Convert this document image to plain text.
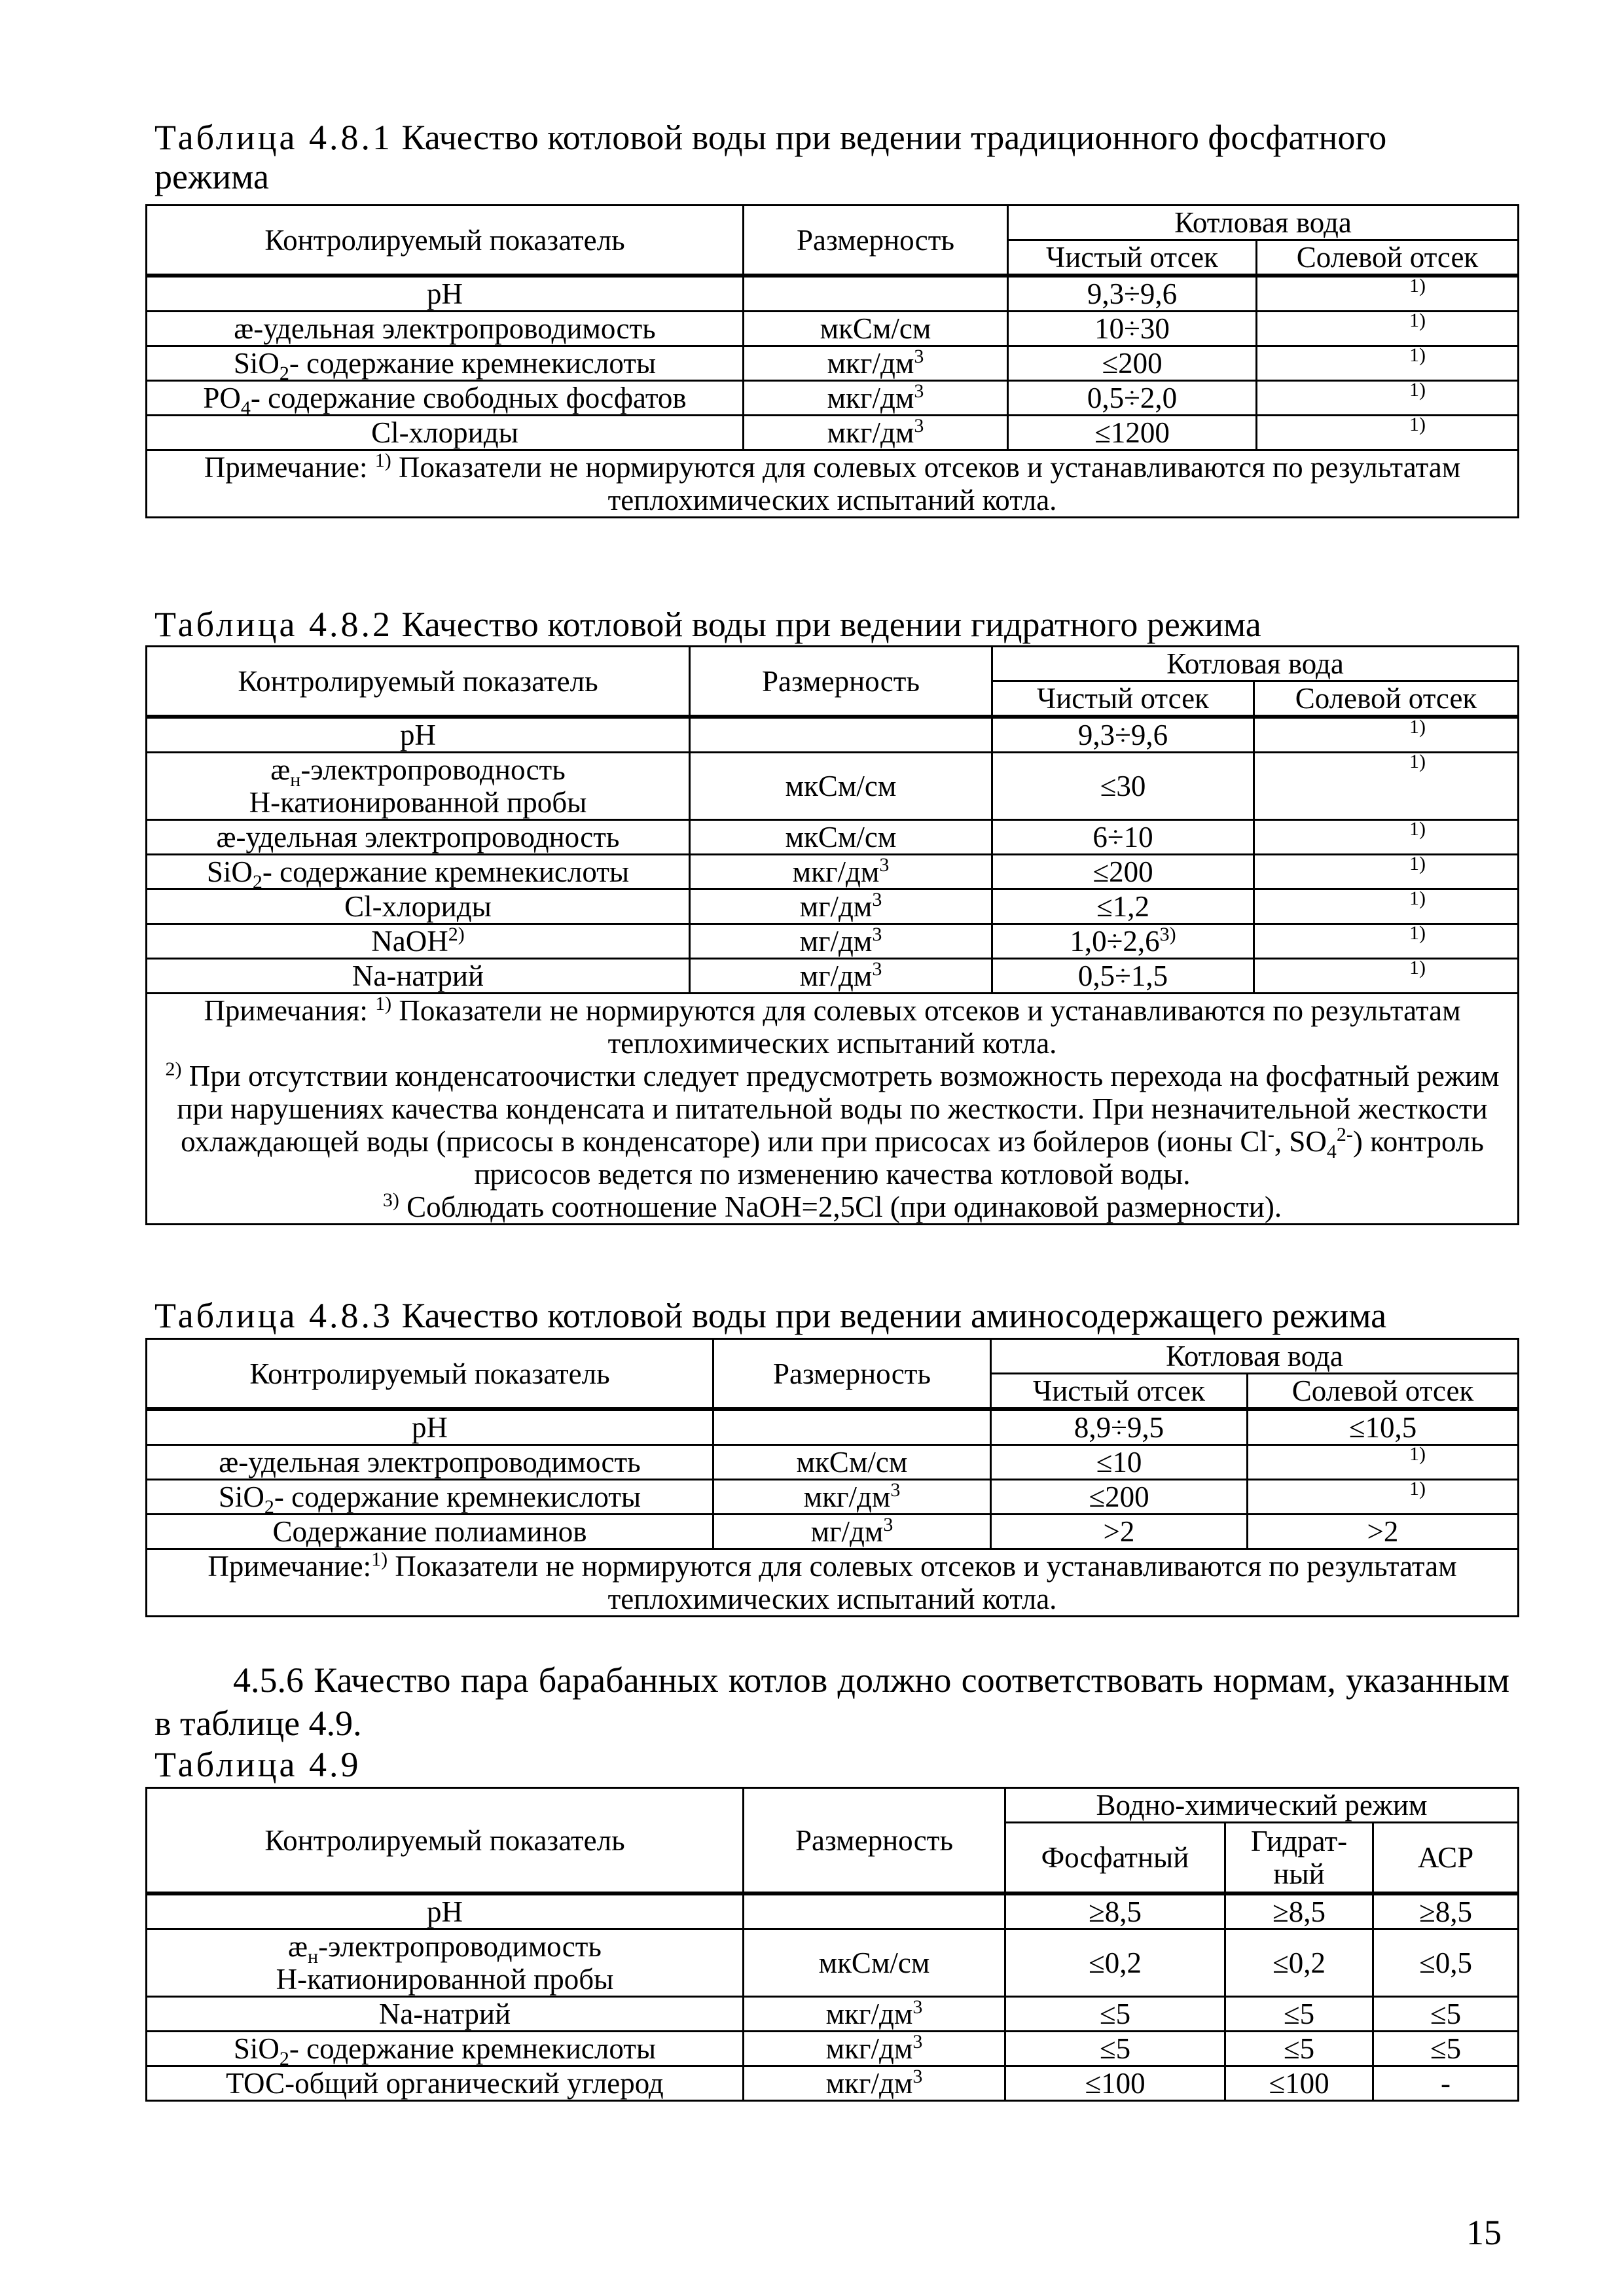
Таблица 4.8.1 Качество котловой воды при ведении традиционного фосфатного режима

Контролируемый показатель	Размерность	Котловая вода	
		Чистый отсек	Солевой отсек
pH		9,3÷9,6	1)

æ-удельная электропроводимость	мкСм/см	10÷30	1)

SiO$_2$- содержание кремнекислоты	мкг/$дм^3$	≤200	1)

$PO_4-$ содержание свободных фосфатов	мкг/$дм^3$	0,5÷2,0	1)

Cl-хлориды	мкг/$дм^3$	≤1200	1)

Примечание: $^{1)}$ Показатели не нормируются для солевых отсеков и устанавливаются по результатам теплохимических испытаний котла.			

Таблица 4.8.2 Качество котловой воды при ведении гидратного режима

Контролируемый показатель	Размерность	Котловая вода	
		Чистый отсек	Солевой отсек
pH		9,3÷9,6	1)

$æ_н$-электропроводность
Н-катионированной пробы	мкСм/см	≤30	1)

æ-удельная электропроводность	мкСм/см	6÷10	1)

SiO$_2$- содержание кремнекислоты	мкг/$дм^3$	≤200	1)

Cl-хлориды	$мг/дм^3$	≤1,2	1)

NaOH$^{2)}$	$мг/дм^3$	$1,0\div 2,6^{3)}$	1)

Na-натрий	$мг/дм^3$	0,5÷1,5	1)

Примечания: $^{1)}$ Показатели не нормируются для солевых отсеков и устанавливаются по результатам теплохимических испытаний котла.
$^{2)}$ При отсутствии конденсатоочистки следует предусмотреть возможность перехода на фосфатный режим при нарушениях качества конденсата и питательной воды по жесткости. При незначительной жесткости охлаждающей воды (присосы в конденсаторе) или при присосах из бойлеров (ионы Cl-, $SO_4^{2-}$) контроль присосов ведется по изменению качества котловой воды.
$^{3)}$ Соблюдать соотношение NaOH=2,5Cl (при одинаковой размерности).			

Таблица 4.8.3 Качество котловой воды при ведении аминосодержащего режима

Контролируемый показатель	Размерность	Котловая вода	
		Чистый отсек	Солевой отсек
pH		8,9÷9,5	≤10,5
æ-удельная электропроводимость	мкСм/см	≤10	1)

SiO$_2$- содержание кремнекислоты	мкг/$дм^3$	≤200	1)

Содержание полиаминов	$мг/дм^3$	>2	>2
Примечание:$^{1)}$ Показатели не нормируются для солевых отсеков и устанавливаются по результатам теплохимических испытаний котла.			

4.5.6 Качество пара барабанных котлов должно соответствовать нормам, указанным в таблице 4.9.

Таблица 4.9

Контролируемый показатель	Размерность	Водно-химический режим		
		Фосфатный	Гидрат-ный	АСР
pH		≥8,5	≥8,5	≥8,5
$æ_н$-электропроводимость
Н-катионированной пробы	мкСм/см	≤0,2	≤0,2	≤0,5
Na-натрий	мкг/$дм^3$	≤5	≤5	≤5
SiO$_2$- содержание кремнекислоты	мкг/$дм^3$	≤5	≤5	≤5
ТОС-общий органический углерод	мкг/$дм^3$	≤100	≤100	-
15
